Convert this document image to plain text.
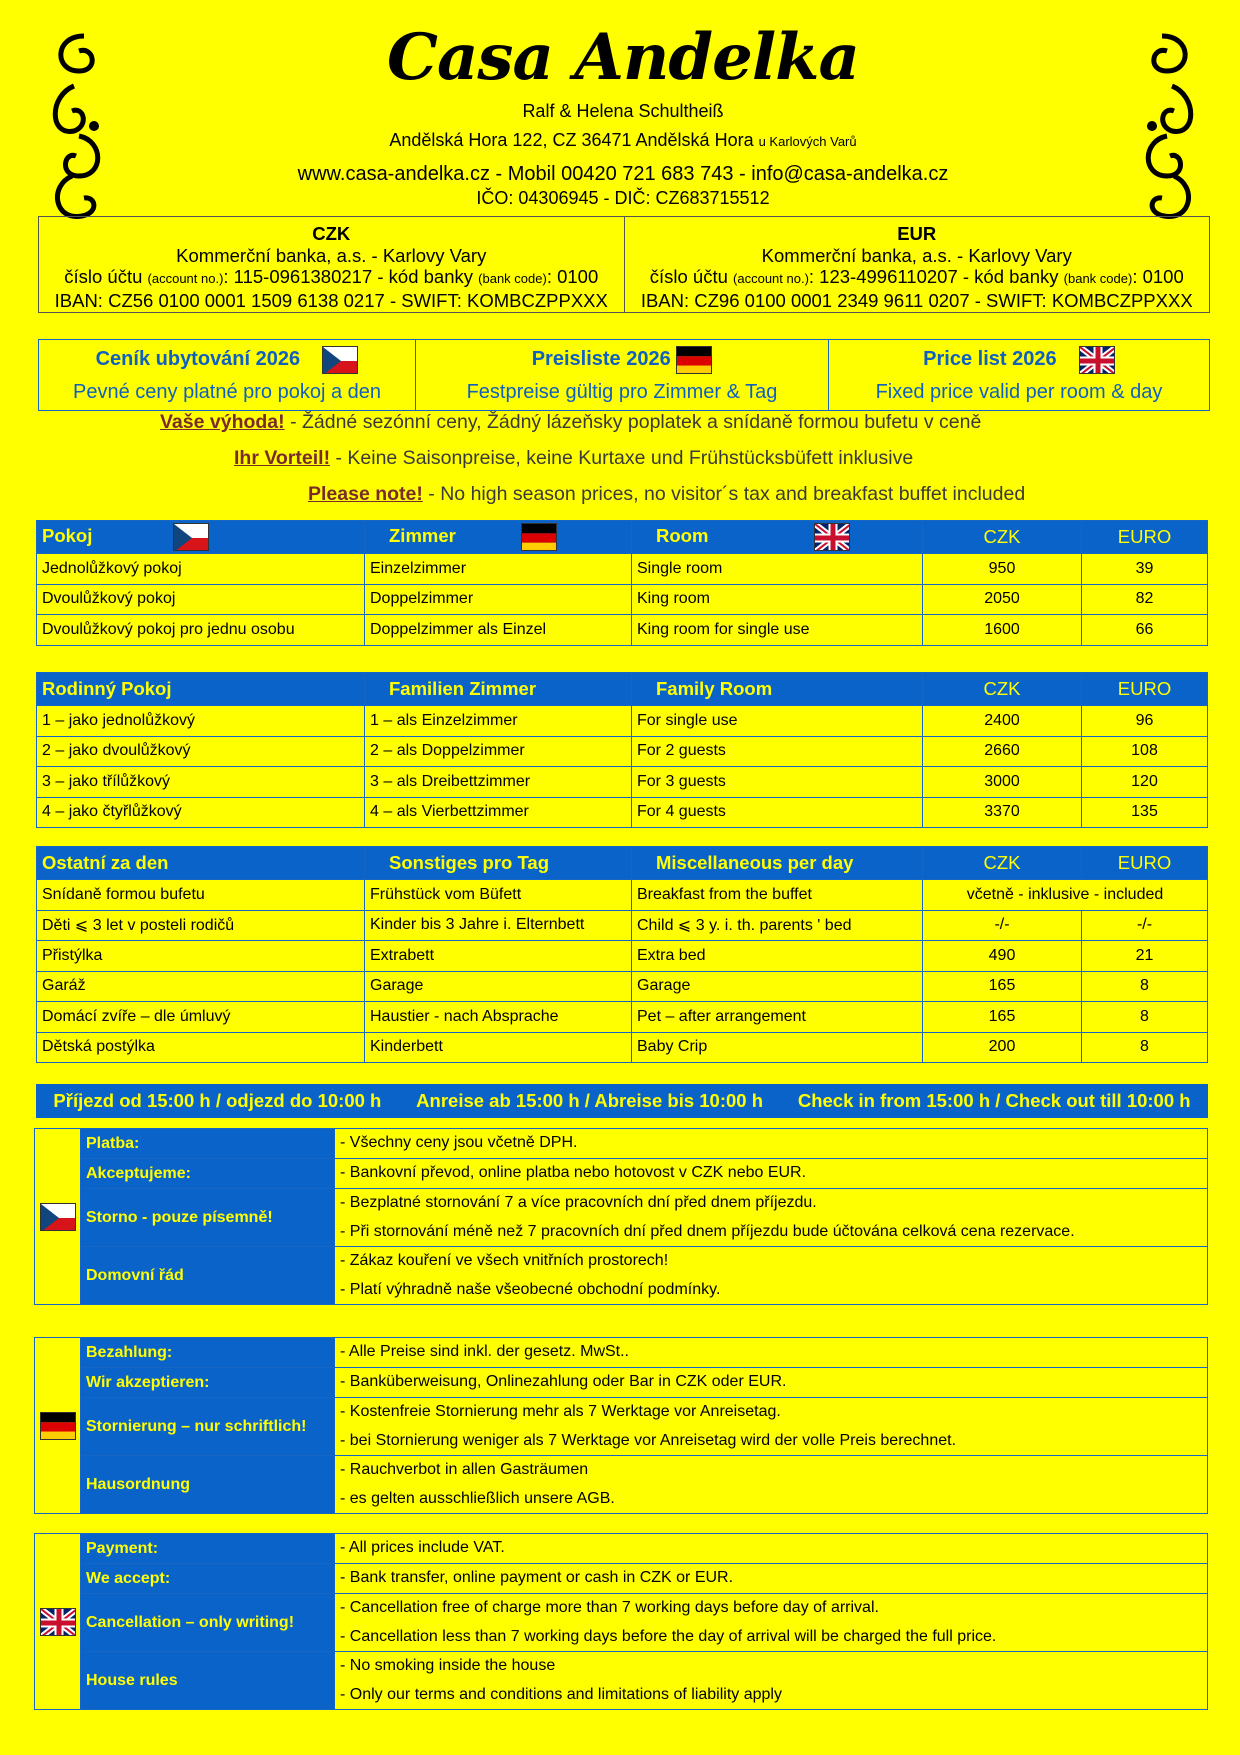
Casa Andelka
Ralf & Helena Schultheiß
Andělská Hora 122, CZ 36471 Andělská Hora u Karlových Varů
www.casa-andelka.cz - Mobil 00420 721 683 743 - info@casa-andelka.cz
IČO: 04306945 - DIČ: CZ683715512
CZK
Kommerční banka, a.s. - Karlovy Vary
číslo účtu (account no.): 115-0961380217 - kód banky (bank code): 0100
IBAN: CZ56 0100 0001 1509 6138 0217 - SWIFT: KOMBCZPPXXX
EUR
Kommerční banka, a.s. - Karlovy Vary
číslo účtu (account no.): 123-4996110207 - kód banky (bank code): 0100
IBAN: CZ96 0100 0001 2349 9611 0207 - SWIFT: KOMBCZPPXXX
Ceník ubytování 2026
Pevné ceny platné pro pokoj a den
Preisliste 2026
Festpreise gültig pro Zimmer & Tag
Price list 2026
Fixed price valid per room & day
Vaše výhoda! - Žádné sezónní ceny, Žádný lázeňsky poplatek a snídaně formou bufetu v ceně
Ihr Vorteil! - Keine Saisonpreise, keine Kurtaxe und Frühstücksbüfett inklusive
Please note! - No high season prices, no visitor´s tax and breakfast buffet included
Pokoj	Zimmer	Room	CZK	EURO
Jednolůžkový pokoj	Einzelzimmer	Single room	950	39
Dvoulůžkový pokoj	Doppelzimmer	King room	2050	82
Dvoulůžkový pokoj pro jednu osobu	Doppelzimmer als Einzel	King room for single use	1600	66
Rodinný Pokoj	Familien Zimmer	Family Room	CZK	EURO
1 – jako jednolůžkový	1 – als Einzelzimmer	For single use	2400	96
2 – jako dvoulůžkový	2 – als Doppelzimmer	For 2 guests	2660	108
3 – jako třílůžkový	3 – als Dreibettzimmer	For 3 guests	3000	120
4 – jako čtyřlůžkový	4 – als Vierbettzimmer	For 4 guests	3370	135
Ostatní za den	Sonstiges pro Tag	Miscellaneous per day	CZK	EURO
Snídaně formou bufetu	Frühstück vom Büfett	Breakfast from the buffet	včetně - inklusive - included	
Děti ⩽ 3 let v posteli rodičů	Kinder bis 3 Jahre i. Elternbett	Child ⩽ 3 y. i. th. parents ' bed	-/-	-/-
Přistýlka	Extrabett	Extra bed	490	21
Garáž	Garage	Garage	165	8
Domácí zvíře – dle úmluvý	Haustier - nach Absprache	Pet – after arrangement	165	8
Dětská postýlka	Kinderbett	Baby Crip	200	8
Příjezd od 15:00 h / odjezd do 10:00 h Anreise ab 15:00 h / Abreise bis 10:00 h Check in from 15:00 h / Check out till 10:00 h
	Platba:	- Všechny ceny jsou včetně DPH.

	Akceptujeme:	- Bankovní převod, online platba nebo hotovost v CZK nebo EUR.

	Storno - pouze písemně!	- Bezplatné stornování 7 a více pracovních dní před dnem příjezdu.
- Při stornování méně než 7 pracovních dní před dnem příjezdu bude účtována celková cena rezervace.

	Domovní řád	- Zákaz kouření ve všech vnitřních prostorech!
- Platí výhradně naše všeobecné obchodní podmínky.
	Bezahlung:	- Alle Preise sind inkl. der gesetz. MwSt..

	Wir akzeptieren:	- Banküberweisung, Onlinezahlung oder Bar in CZK oder EUR.

	Stornierung – nur schriftlich!	- Kostenfreie Stornierung mehr als 7 Werktage vor Anreisetag.
- bei Stornierung weniger als 7 Werktage vor Anreisetag wird der volle Preis berechnet.

	Hausordnung	- Rauchverbot in allen Gasträumen
- es gelten ausschließlich unsere AGB.
	Payment:	- All prices include VAT.

	We accept:	- Bank transfer, online payment or cash in CZK or EUR.

	Cancellation – only writing!	- Cancellation free of charge more than 7 working days before day of arrival.
- Cancellation less than 7 working days before the day of arrival will be charged the full price.

	House rules	- No smoking inside the house
- Only our terms and conditions and limitations of liability apply
